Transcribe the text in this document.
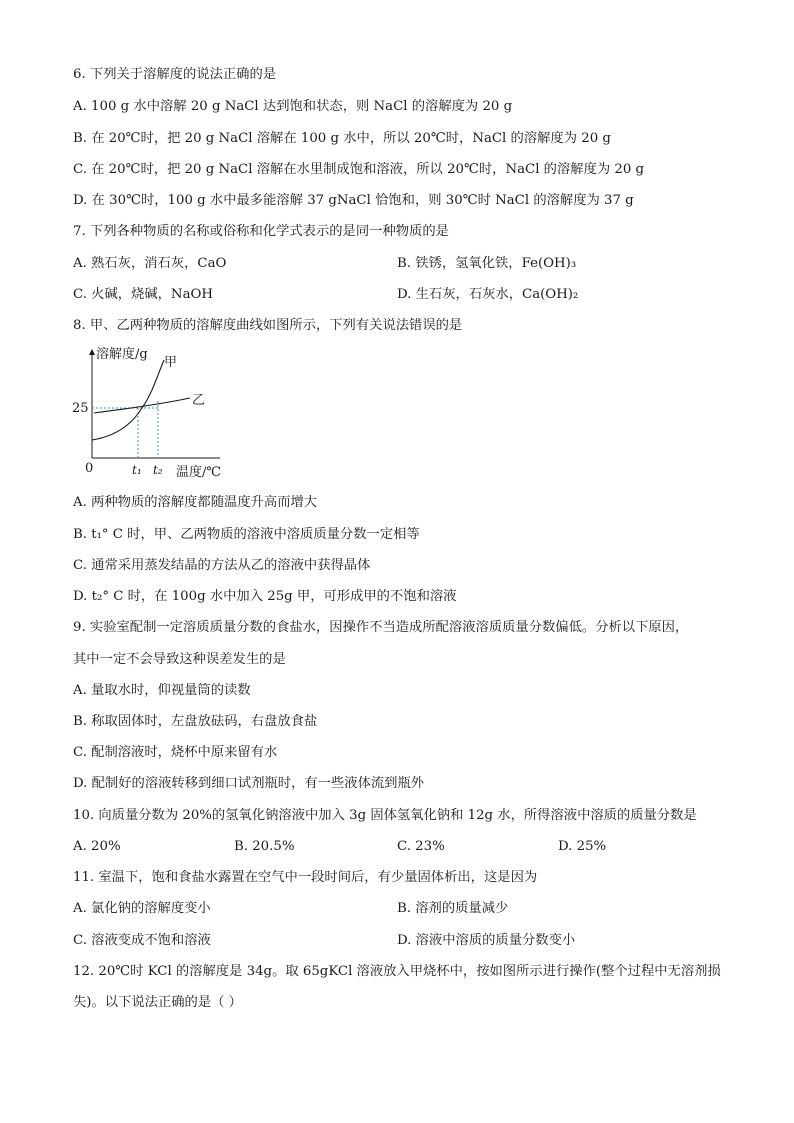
6. 下列关于溶解度的说法正确的是
A. 100 g 水中溶解 20 g NaCl 达到饱和状态，则 NaCl 的溶解度为 20 g
B. 在 20℃时，把 20 g NaCl 溶解在 100 g 水中，所以 20℃时，NaCl 的溶解度为 20 g
C. 在 20℃时，把 20 g NaCl 溶解在水里制成饱和溶液，所以 20℃时，NaCl 的溶解度为 20 g
D. 在 30℃时，100 g 水中最多能溶解 37 gNaCl 恰饱和，则 30℃时 NaCl 的溶解度为 37 g
7. 下列各种物质的名称或俗称和化学式表示的是同一种物质的是
A. 熟石灰，消石灰，CaO	B. 铁锈，氢氧化铁，Fe(OH)₃
C. 火碱，烧碱，NaOH	D. 生石灰，石灰水，Ca(OH)₂
8. 甲、乙两种物质的溶解度曲线如图所示，下列有关说法错误的是
溶解度/g
甲
乙
25
0	t₁ t₂ 温度/℃
A. 两种物质的溶解度都随温度升高而增大
B. t₁° C 时，甲、乙两物质的溶液中溶质质量分数一定相等
C. 通常采用蒸发结晶的方法从乙的溶液中获得晶体
D. t₂° C 时，在 100g 水中加入 25g 甲，可形成甲的不饱和溶液
9. 实验室配制一定溶质质量分数的食盐水，因操作不当造成所配溶液溶质质量分数偏低。分析以下原因，
其中一定不会导致这种误差发生的是
A. 量取水时，仰视量筒的读数
B. 称取固体时，左盘放砝码，右盘放食盐
C. 配制溶液时，烧杯中原来留有水
D. 配制好的溶液转移到细口试剂瓶时，有一些液体流到瓶外
10. 向质量分数为 20%的氢氧化钠溶液中加入 3g 固体氢氧化钠和 12g 水，所得溶液中溶质的质量分数是
A. 20%	B. 20.5%	C. 23%	D. 25%
11. 室温下，饱和食盐水露置在空气中一段时间后，有少量固体析出，这是因为
A. 氯化钠的溶解度变小	B. 溶剂的质量减少
C. 溶液变成不饱和溶液	D. 溶液中溶质的质量分数变小
12. 20℃时 KCl 的溶解度是 34g。取 65gKCl 溶液放入甲烧杯中，按如图所示进行操作(整个过程中无溶剂损
失)。以下说法正确的是（ ）
